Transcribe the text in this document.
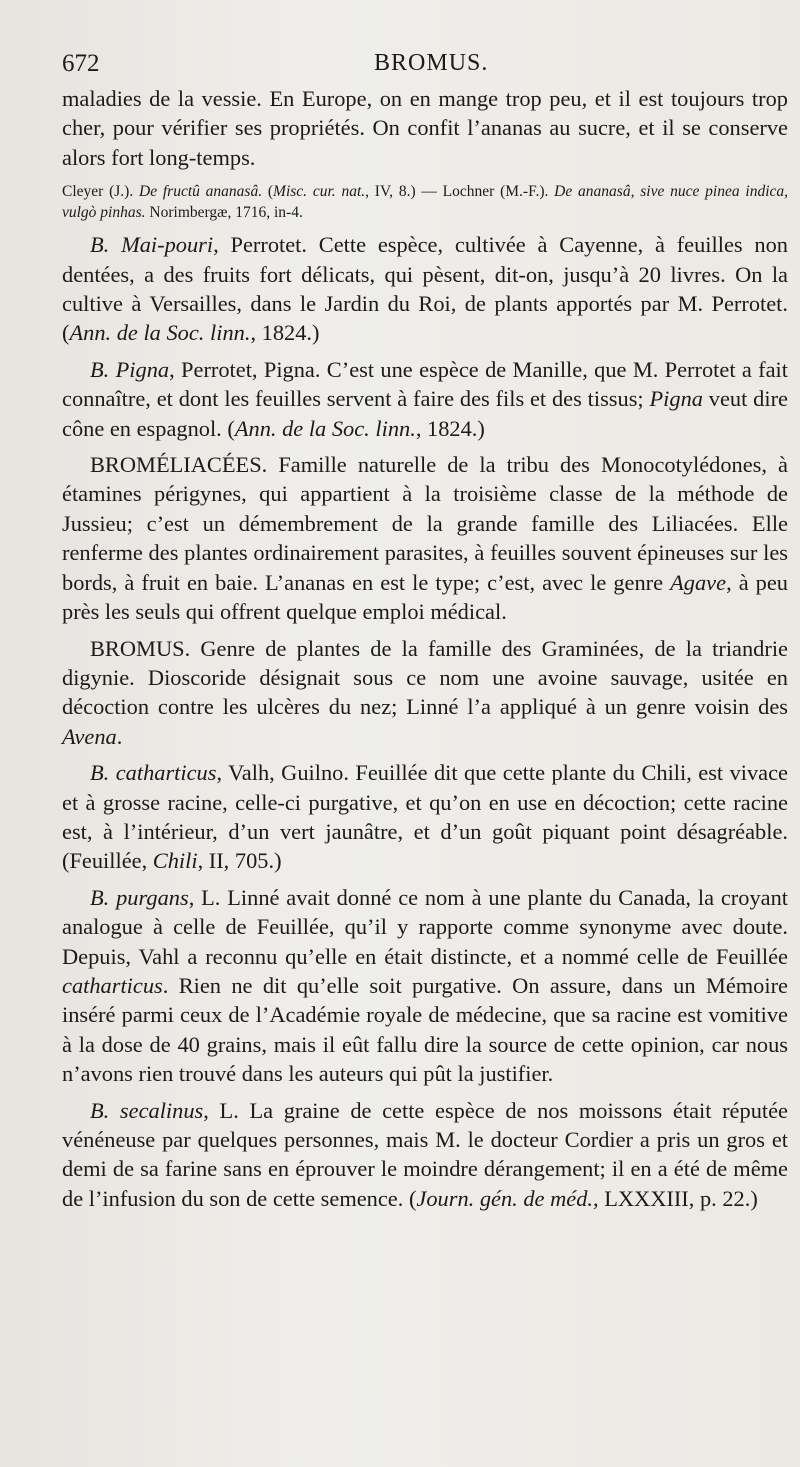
672	BROMUS.

maladies de la vessie. En Europe, on en mange trop peu, et il est toujours trop cher, pour vérifier ses propriétés. On confit l’ananas au sucre, et il se conserve alors fort long-temps.

Cleyer (J.). De fructû ananasâ. (Misc. cur. nat., IV, 8.) — Lochner (M.-F.). De ananasâ, sive nuce pinea indica, vulgò pinhas. Norimbergæ, 1716, in-4.

B. Mai-pouri, Perrotet. Cette espèce, cultivée à Cayenne, à feuilles non dentées, a des fruits fort délicats, qui pèsent, dit-on, jusqu’à 20 livres. On la cultive à Versailles, dans le Jardin du Roi, de plants apportés par M. Perrotet. (Ann. de la Soc. linn., 1824.)

B. Pigna, Perrotet, Pigna. C’est une espèce de Manille, que M. Perrotet a fait connaître, et dont les feuilles servent à faire des fils et des tissus; Pigna veut dire cône en espagnol. (Ann. de la Soc. linn., 1824.)

BROMÉLIACÉES. Famille naturelle de la tribu des Monocotylédones, à étamines périgynes, qui appartient à la troisième classe de la méthode de Jussieu; c’est un démembrement de la grande famille des Liliacées. Elle renferme des plantes ordinairement parasites, à feuilles souvent épineuses sur les bords, à fruit en baie. L’ananas en est le type; c’est, avec le genre Agave, à peu près les seuls qui offrent quelque emploi médical.

BROMUS. Genre de plantes de la famille des Graminées, de la triandrie digynie. Dioscoride désignait sous ce nom une avoine sauvage, usitée en décoction contre les ulcères du nez; Linné l’a appliqué à un genre voisin des Avena.

B. catharticus, Valh, Guilno. Feuillée dit que cette plante du Chili, est vivace et à grosse racine, celle-ci purgative, et qu’on en use en décoction; cette racine est, à l’intérieur, d’un vert jaunâtre, et d’un goût piquant point désagréable. (Feuillée, Chili, II, 705.)

B. purgans, L. Linné avait donné ce nom à une plante du Canada, la croyant analogue à celle de Feuillée, qu’il y rapporte comme synonyme avec doute. Depuis, Vahl a reconnu qu’elle en était distincte, et a nommé celle de Feuillée catharticus. Rien ne dit qu’elle soit purgative. On assure, dans un Mémoire inséré parmi ceux de l’Académie royale de médecine, que sa racine est vomitive à la dose de 40 grains, mais il eût fallu dire la source de cette opinion, car nous n’avons rien trouvé dans les auteurs qui pût la justifier.

B. secalinus, L. La graine de cette espèce de nos moissons était réputée vénéneuse par quelques personnes, mais M. le docteur Cordier a pris un gros et demi de sa farine sans en éprouver le moindre dérangement; il en a été de même de l’infusion du son de cette semence. (Journ. gén. de méd., LXXXIII, p. 22.)
